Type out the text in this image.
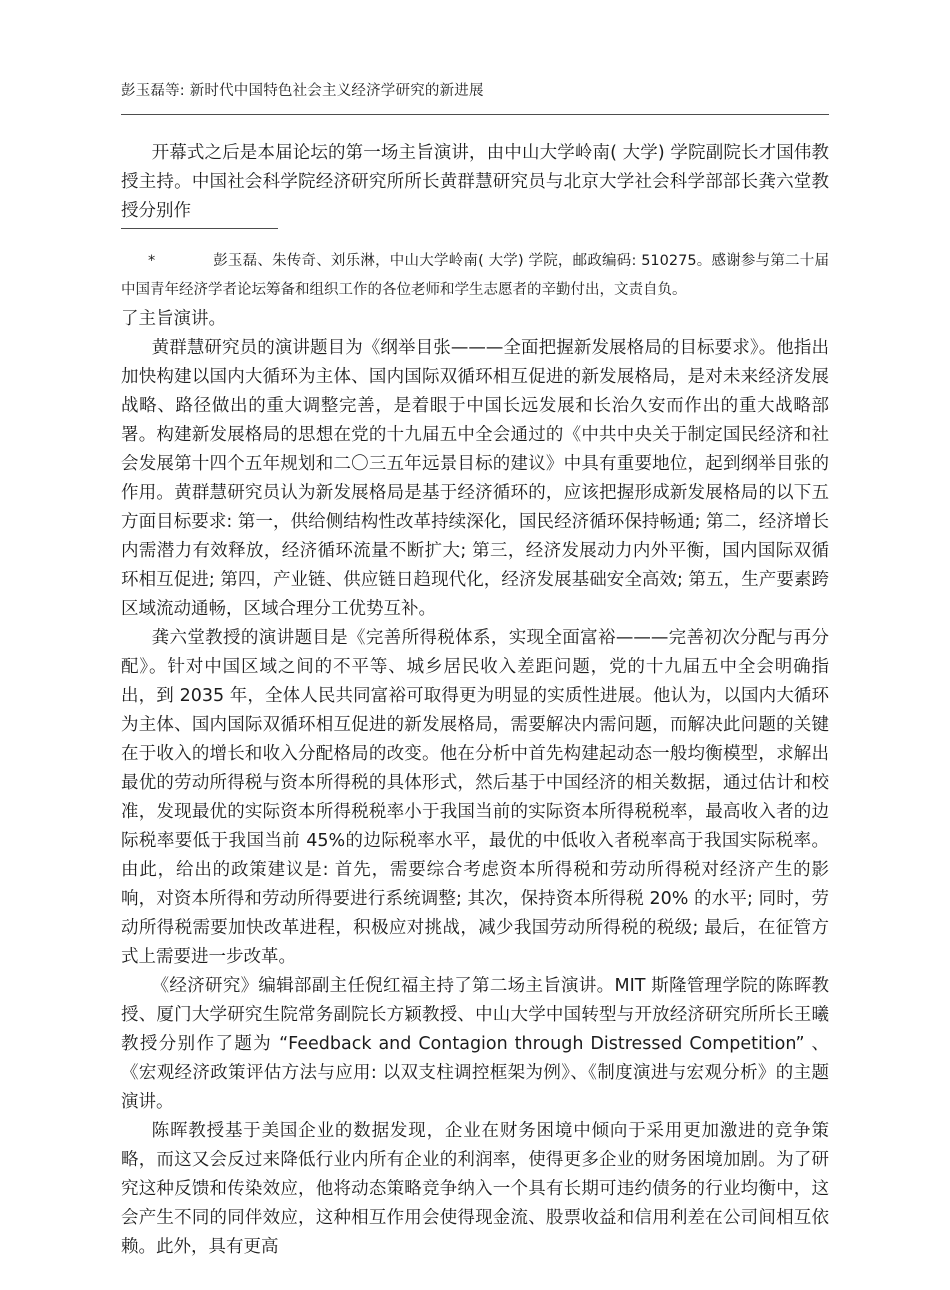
彭玉磊等: 新时代中国特色社会主义经济学研究的新进展

开幕式之后是本届论坛的第一场主旨演讲，由中山大学岭南( 大学) 学院副院长才国伟教授主持。中国社会科学院经济研究所所长黄群慧研究员与北京大学社会科学部部长龚六堂教授分别作

*	彭玉磊、朱传奇、刘乐淋，中山大学岭南( 大学) 学院，邮政编码: 510275。感谢参与第二十届中国青年经济学者论坛筹备和组织工作的各位老师和学生志愿者的辛勤付出，文责自负。

了主旨演讲。

黄群慧研究员的演讲题目为《纲举目张———全面把握新发展格局的目标要求》。他指出加快构建以国内大循环为主体、国内国际双循环相互促进的新发展格局，是对未来经济发展战略、路径做出的重大调整完善，是着眼于中国长远发展和长治久安而作出的重大战略部署。构建新发展格局的思想在党的十九届五中全会通过的《中共中央关于制定国民经济和社会发展第十四个五年规划和二〇三五年远景目标的建议》中具有重要地位，起到纲举目张的作用。黄群慧研究员认为新发展格局是基于经济循环的，应该把握形成新发展格局的以下五方面目标要求: 第一，供给侧结构性改革持续深化，国民经济循环保持畅通; 第二，经济增长内需潜力有效释放，经济循环流量不断扩大; 第三，经济发展动力内外平衡，国内国际双循环相互促进; 第四，产业链、供应链日趋现代化，经济发展基础安全高效; 第五，生产要素跨区域流动通畅，区域合理分工优势互补。

龚六堂教授的演讲题目是《完善所得税体系，实现全面富裕———完善初次分配与再分配》。针对中国区域之间的不平等、城乡居民收入差距问题，党的十九届五中全会明确指出，到 2035 年，全体人民共同富裕可取得更为明显的实质性进展。他认为，以国内大循环为主体、国内国际双循环相互促进的新发展格局，需要解决内需问题，而解决此问题的关键在于收入的增长和收入分配格局的改变。他在分析中首先构建起动态一般均衡模型，求解出最优的劳动所得税与资本所得税的具体形式，然后基于中国经济的相关数据，通过估计和校准，发现最优的实际资本所得税税率小于我国当前的实际资本所得税税率，最高收入者的边际税率要低于我国当前 45%的边际税率水平，最优的中低收入者税率高于我国实际税率。由此，给出的政策建议是: 首先，需要综合考虑资本所得税和劳动所得税对经济产生的影响，对资本所得和劳动所得要进行系统调整; 其次，保持资本所得税 20% 的水平; 同时，劳动所得税需要加快改革进程，积极应对挑战，减少我国劳动所得税的税级; 最后，在征管方式上需要进一步改革。

《经济研究》编辑部副主任倪红福主持了第二场主旨演讲。MIT 斯隆管理学院的陈晖教授、厦门大学研究生院常务副院长方颖教授、中山大学中国转型与开放经济研究所所长王曦教授分别作了题为 “Feedback and Contagion through Distressed Competition” 、《宏观经济政策评估方法与应用: 以双支柱调控框架为例》、《制度演进与宏观分析》的主题演讲。

陈晖教授基于美国企业的数据发现，企业在财务困境中倾向于采用更加激进的竞争策略，而这又会反过来降低行业内所有企业的利润率，使得更多企业的财务困境加剧。为了研究这种反馈和传染效应，他将动态策略竞争纳入一个具有长期可违约债务的行业均衡中，这会产生不同的同伴效应，这种相互作用会使得现金流、股票收益和信用利差在公司间相互依赖。此外，具有更高
